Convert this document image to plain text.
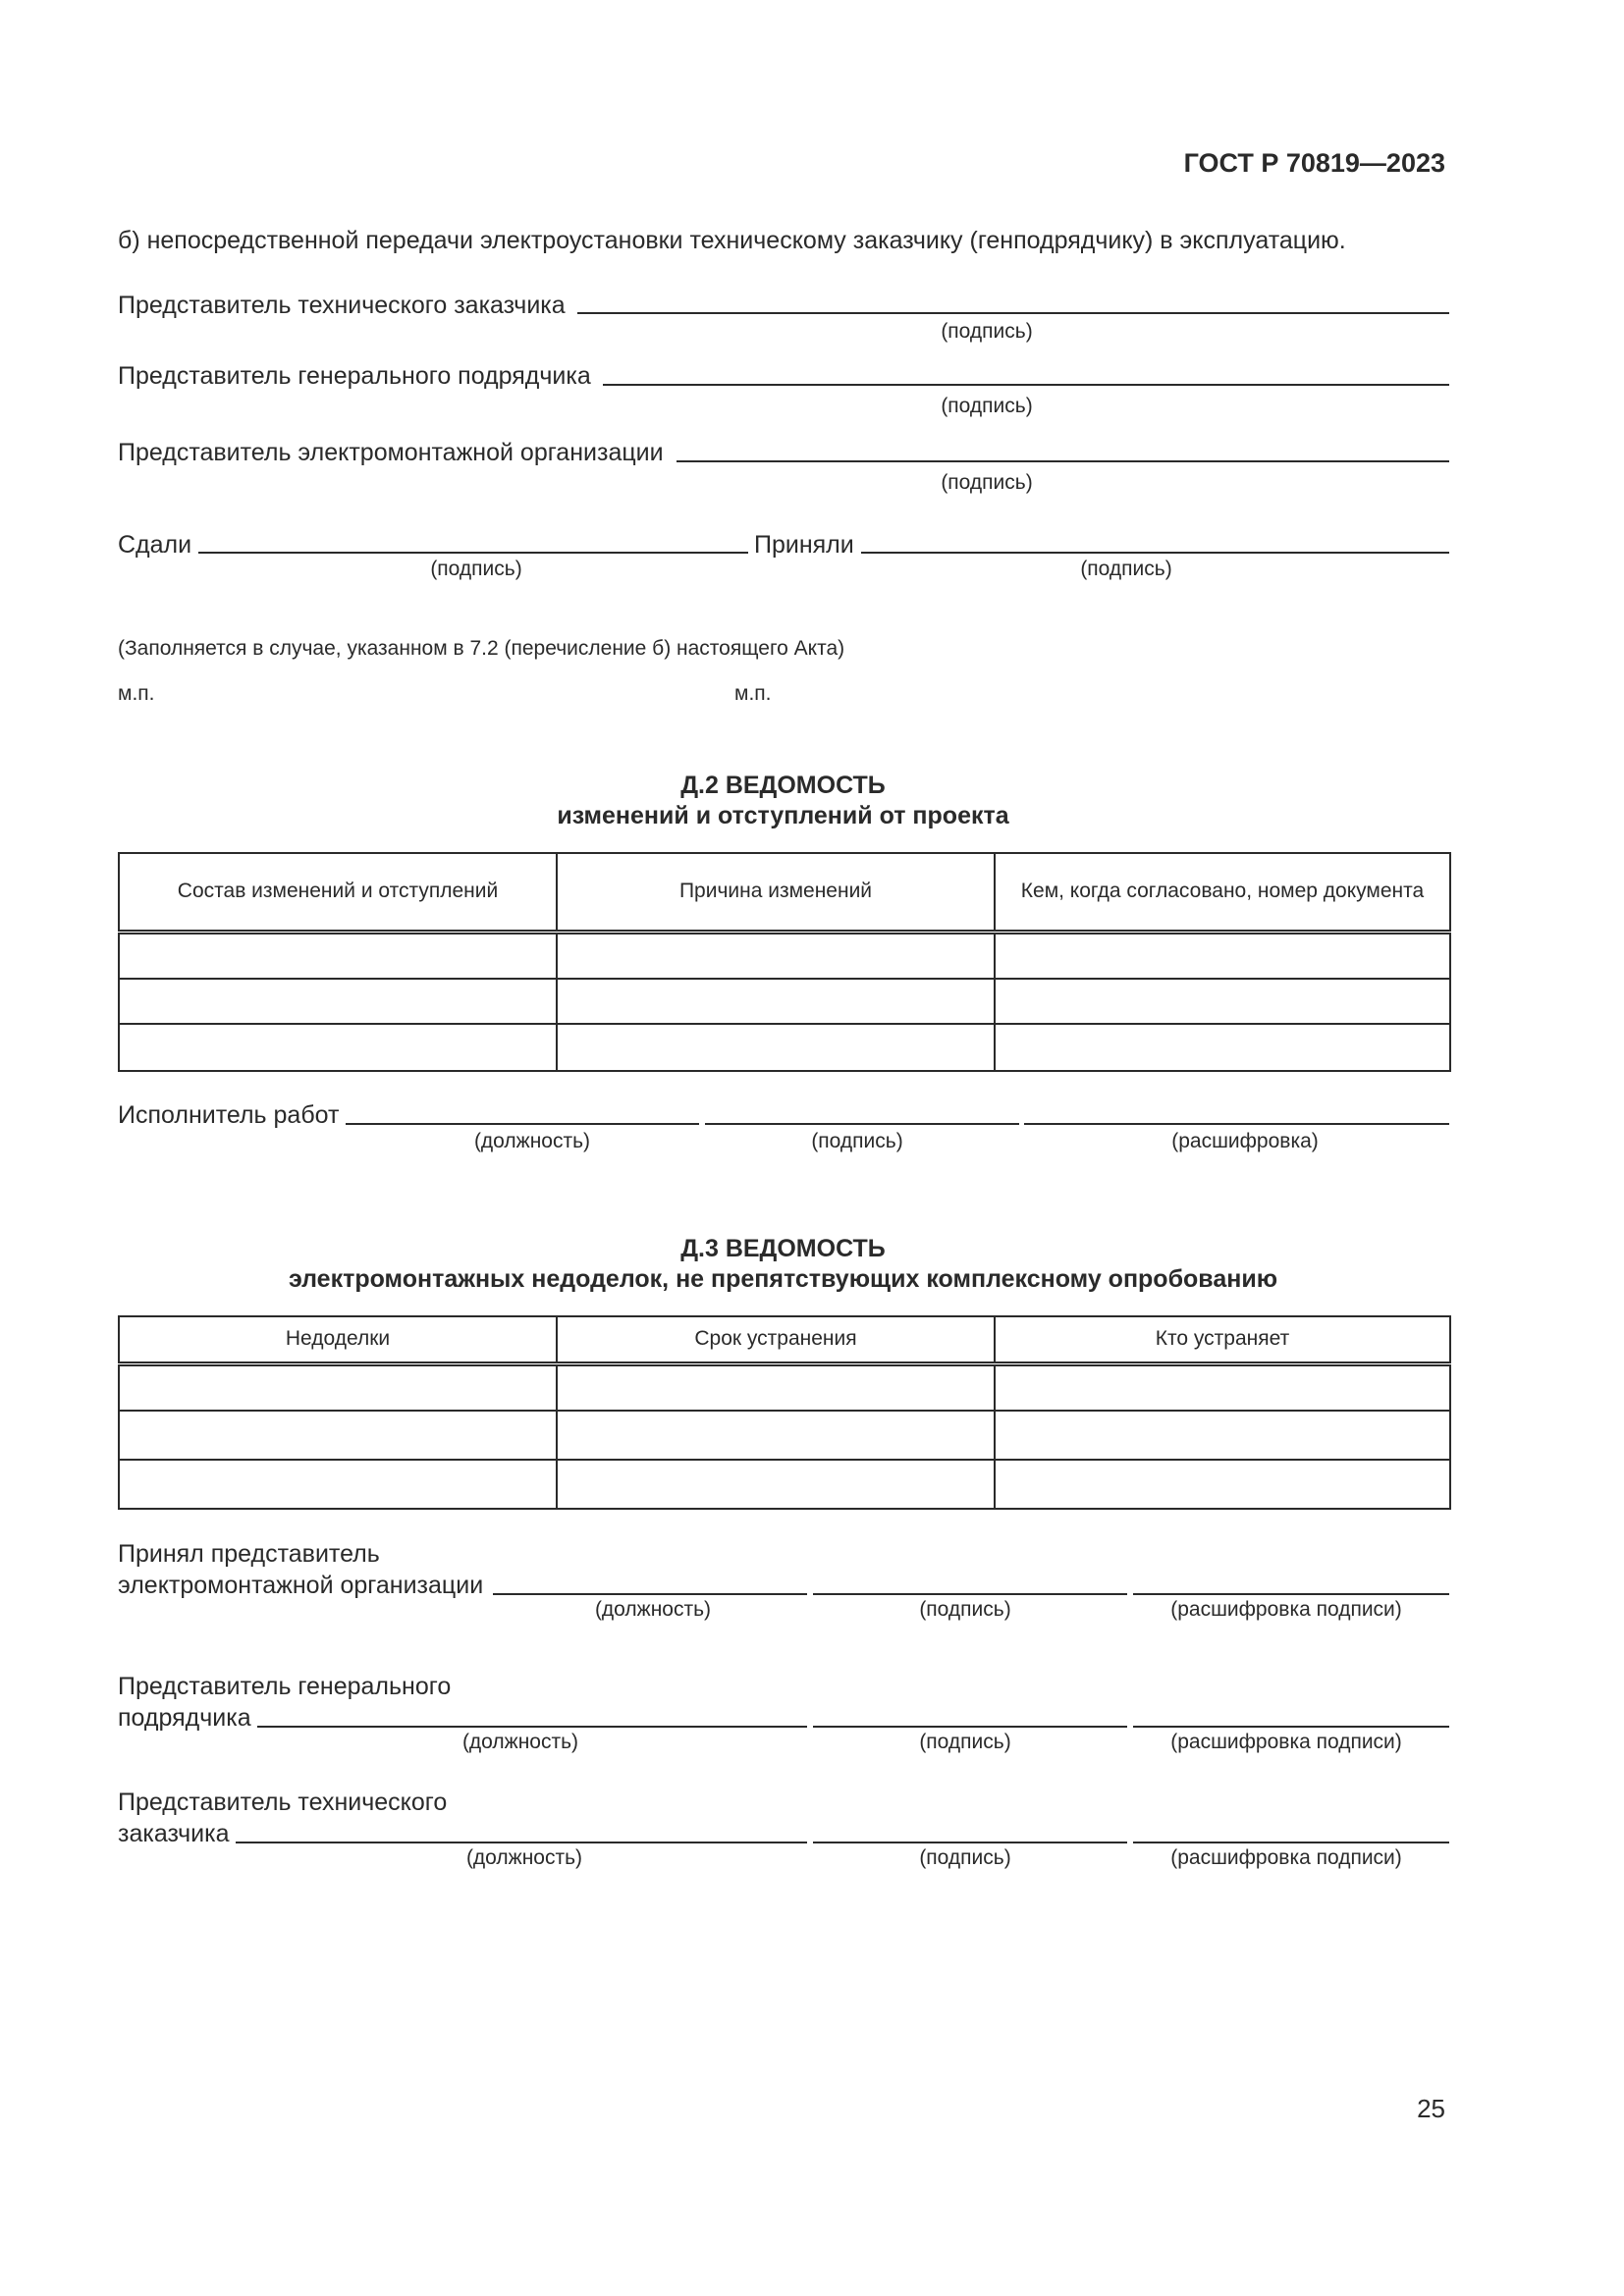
ГОСТ Р 70819—2023
б) непосредственной передачи электроустановки техническому заказчику (генподрядчику) в эксплуатацию.
Представитель технического заказчика
(подпись)
Представитель генерального подрядчика
(подпись)
Представитель электромонтажной организации
(подпись)
Сдали
(подпись)
Приняли
(подпись)
(Заполняется в случае, указанном в 7.2 (перечисление б) настоящего Акта)
м.п.	м.п.
Д.2 ВЕДОМОСТЬ
изменений и отступлений от проекта
Состав изменений и отступлений	Причина изменений	Кем, когда согласовано, номер документа

Исполнитель работ
(должность)	(подпись)	(расшифровка)
Д.3 ВЕДОМОСТЬ
электромонтажных недоделок, не препятствующих комплексному опробованию
Недоделки	Срок устранения	Кто устраняет

Принял представитель
электромонтажной организации
(должность)	(подпись)	(расшифровка подписи)
Представитель генерального
подрядчика
(должность)	(подпись)	(расшифровка подписи)
Представитель технического
заказчика
(должность)	(подпись)	(расшифровка подписи)
25
